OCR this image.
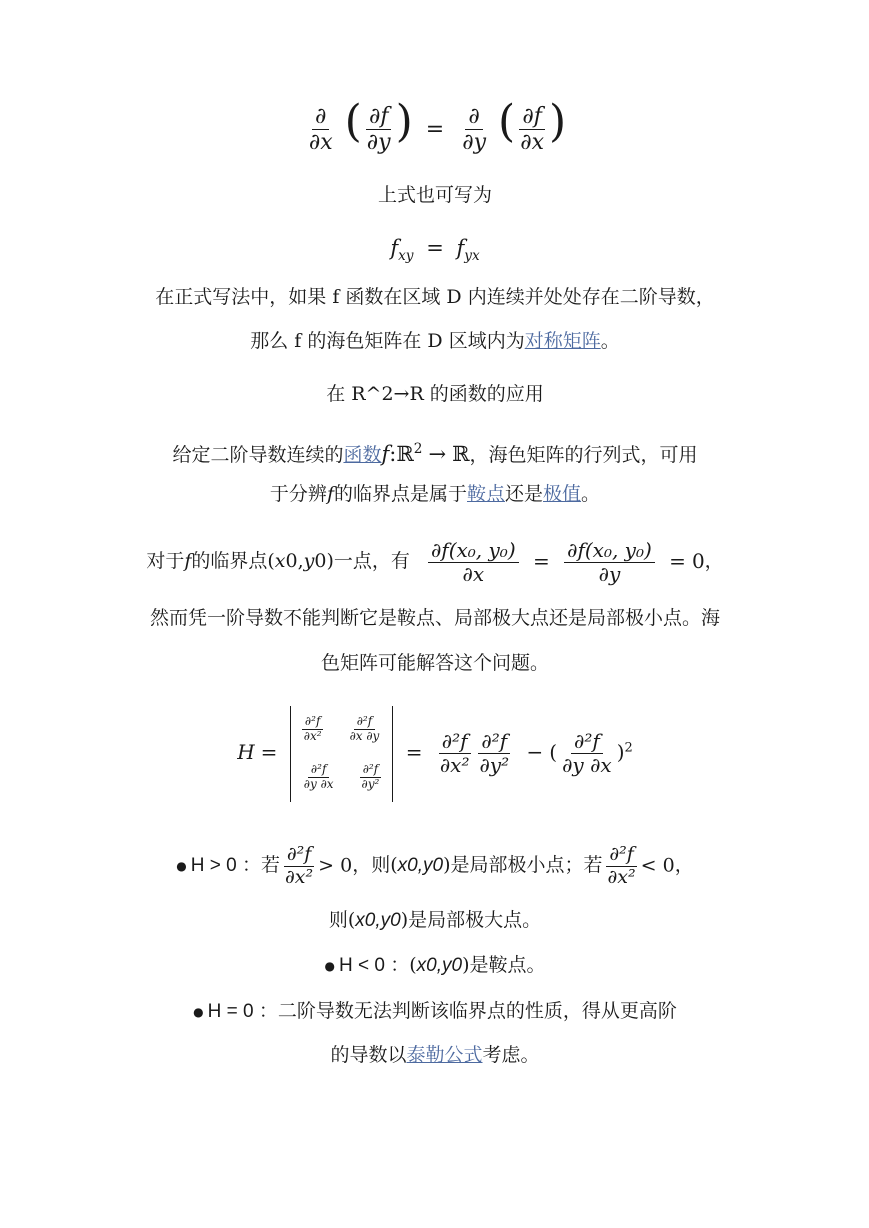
$\frac{\partial}{\partial x}$ ( $\frac{\partial f}{\partial y}$ ) = $\frac{\partial}{\partial y}$ ( $\frac{\partial f}{\partial x}$ )
上式也可写为
$f_{xy} = f_{yx}$
在正式写法中，如果 f 函数在区域 D 内连续并处处存在二阶导数，
那么 f 的海色矩阵在 D 区域内为对称矩阵。
在 R^2→R 的函数的应用
给定二阶导数连续的函数f:ℝ$^2$ → ℝ，海色矩阵的行列式，可用
于分辨f的临界点是属于鞍点还是极值。
对于f的临界点(x0,y0)一点，有 $\frac{\text{∂f(x₀, y₀)}}{\partial x} = \frac{\text{∂f(x₀, y₀)}}{\partial y} = 0$，
然而凭一阶导数不能判断它是鞍点、局部极大点还是局部极小点。海
色矩阵可能解答这个问题。
H =
$\frac{\text{∂²f}}{\text{∂x²}} \frac{\text{∂²f}}{\partial x \partial y}$
$\frac{\text{∂²f}}{\partial y \partial x} \frac{\text{∂²f}}{\text{∂y²}}$
= $\frac{\text{∂²f}}{\text{∂x²}} \frac{\text{∂²f}}{\text{∂y²}}$ − ( $\frac{\text{∂²f}}{\partial y \partial x} )^2$
● H > 0 ：若 $\frac{\text{∂²f}}{\text{∂x²}} > 0$，则(x0,y0)是局部极小点；若 $\frac{\text{∂²f}}{\text{∂x²}} < 0$，
则(x0,y0)是局部极大点。
● H < 0 ：(x0,y0)是鞍点。
● H = 0 ：二阶导数无法判断该临界点的性质，得从更高阶
的导数以泰勒公式考虑。
